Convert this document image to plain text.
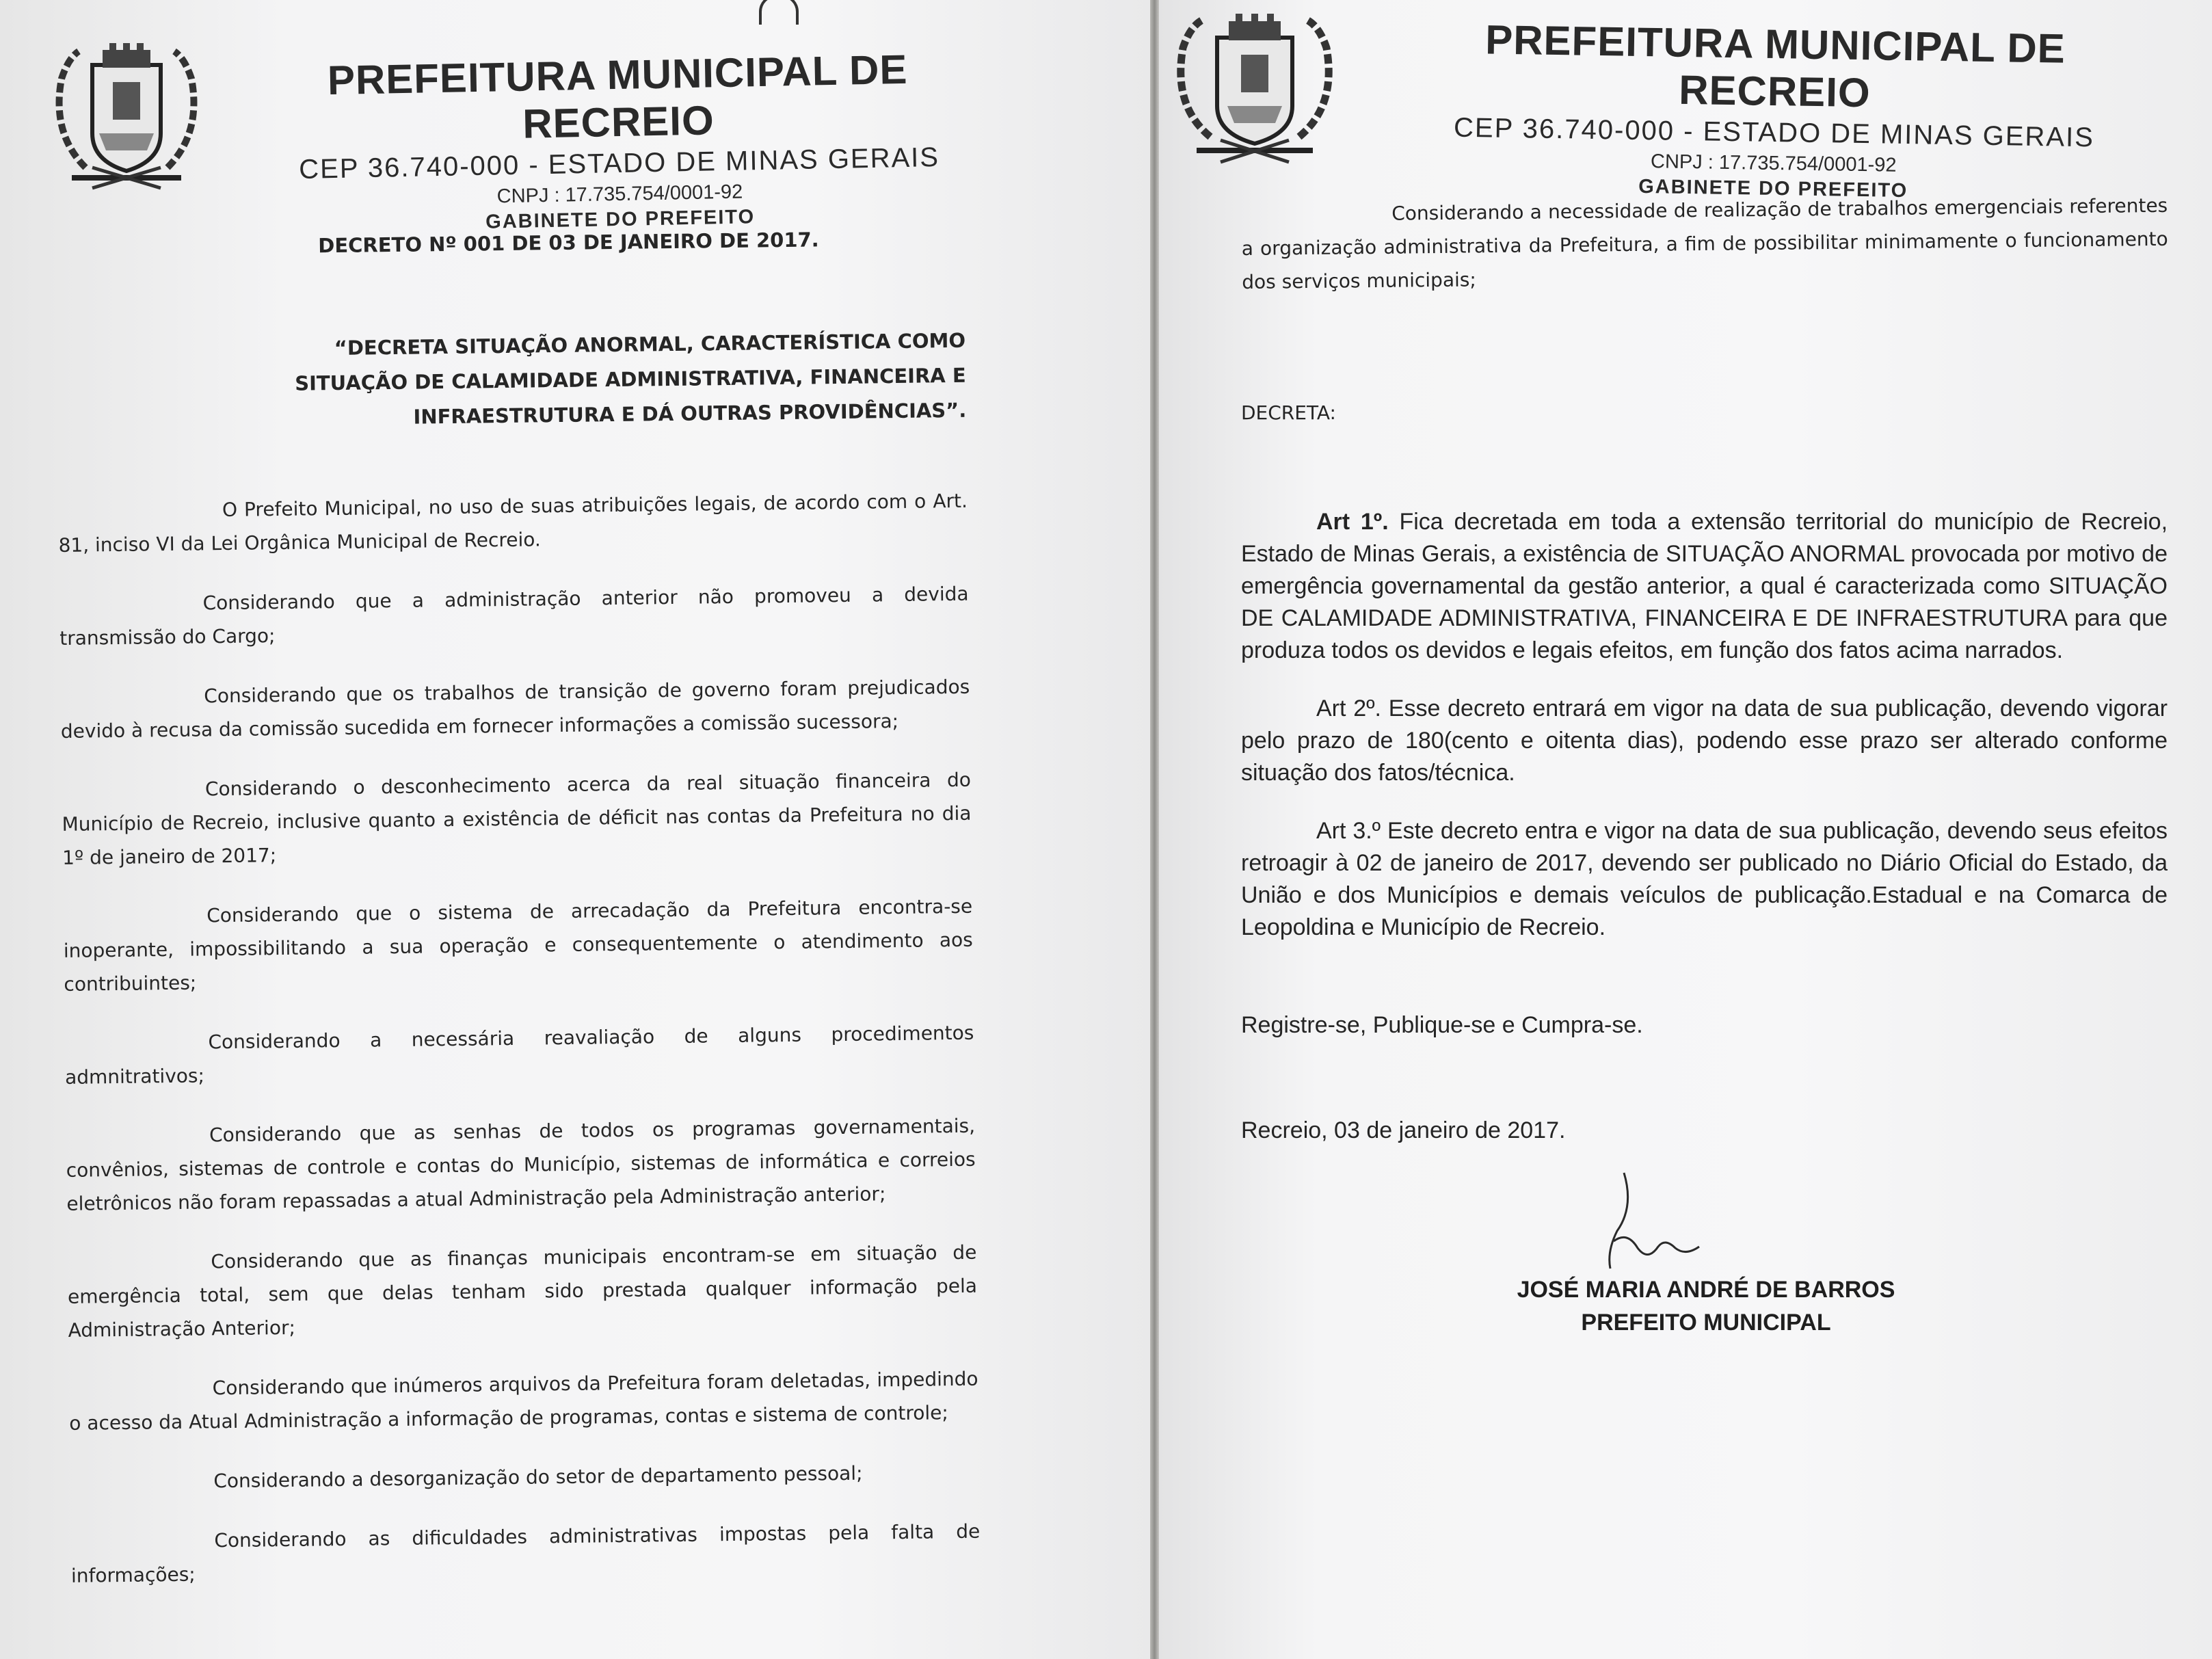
PREFEITURA MUNICIPAL DE RECREIO
CEP 36.740-000 - ESTADO DE MINAS GERAIS
CNPJ : 17.735.754/0001-92
GABINETE DO PREFEITO
DECRETO Nº 001 DE 03 DE JANEIRO DE 2017.
“DECRETA SITUAÇÃO ANORMAL, CARACTERÍSTICA COMO SITUAÇÃO DE CALAMIDADE ADMINISTRATIVA, FINANCEIRA E INFRAESTRUTURA E DÁ OUTRAS PROVIDÊNCIAS”.
O Prefeito Municipal, no uso de suas atribuições legais, de acordo com o Art. 81, inciso VI da Lei Orgânica Municipal de Recreio.
Considerando que a administração anterior não promoveu a devida transmissão do Cargo;
Considerando que os trabalhos de transição de governo foram prejudicados devido à recusa da comissão sucedida em fornecer informações a comissão sucessora;
Considerando o desconhecimento acerca da real situação financeira do Município de Recreio, inclusive quanto a existência de déficit nas contas da Prefeitura no dia 1º de janeiro de 2017;
Considerando que o sistema de arrecadação da Prefeitura encontra-se inoperante, impossibilitando a sua operação e consequentemente o atendimento aos contribuintes;
Considerando a necessária reavaliação de alguns procedimentos admnitrativos;
Considerando que as senhas de todos os programas governamentais, convênios, sistemas de controle e contas do Município, sistemas de informática e correios eletrônicos não foram repassadas a atual Administração pela Administração anterior;
Considerando que as finanças municipais encontram-se em situação de emergência total, sem que delas tenham sido prestada qualquer informação pela Administração Anterior;
Considerando que inúmeros arquivos da Prefeitura foram deletadas, impedindo o acesso da Atual Administração a informação de programas, contas e sistema de controle;
Considerando a desorganização do setor de departamento pessoal;
Considerando as dificuldades administrativas impostas pela falta de informações;
PREFEITURA MUNICIPAL DE RECREIO
CEP 36.740-000 - ESTADO DE MINAS GERAIS
CNPJ : 17.735.754/0001-92
GABINETE DO PREFEITO
Considerando a necessidade de realização de trabalhos emergenciais referentes a organização administrativa da Prefeitura, a fim de possibilitar minimamente o funcionamento dos serviços municipais;
DECRETA:
Art 1º. Fica decretada em toda a extensão territorial do município de Recreio, Estado de Minas Gerais, a existência de SITUAÇÃO ANORMAL provocada por motivo de emergência governamental da gestão anterior, a qual é caracterizada como SITUAÇÃO DE CALAMIDADE ADMINISTRATIVA, FINANCEIRA E DE INFRAESTRUTURA para que produza todos os devidos e legais efeitos, em função dos fatos acima narrados.
Art 2º. Esse decreto entrará em vigor na data de sua publicação, devendo vigorar pelo prazo de 180(cento e oitenta dias), podendo esse prazo ser alterado conforme situação dos fatos/técnica.
Art 3.º Este decreto entra e vigor na data de sua publicação, devendo seus efeitos retroagir à 02 de janeiro de 2017, devendo ser publicado no Diário Oficial do Estado, da União e dos Municípios e demais veículos de publicação.Estadual e na Comarca de Leopoldina e Município de Recreio.
Registre-se, Publique-se e Cumpra-se.
Recreio, 03 de janeiro de 2017.
JOSÉ MARIA ANDRÉ DE BARROS
PREFEITO MUNICIPAL
